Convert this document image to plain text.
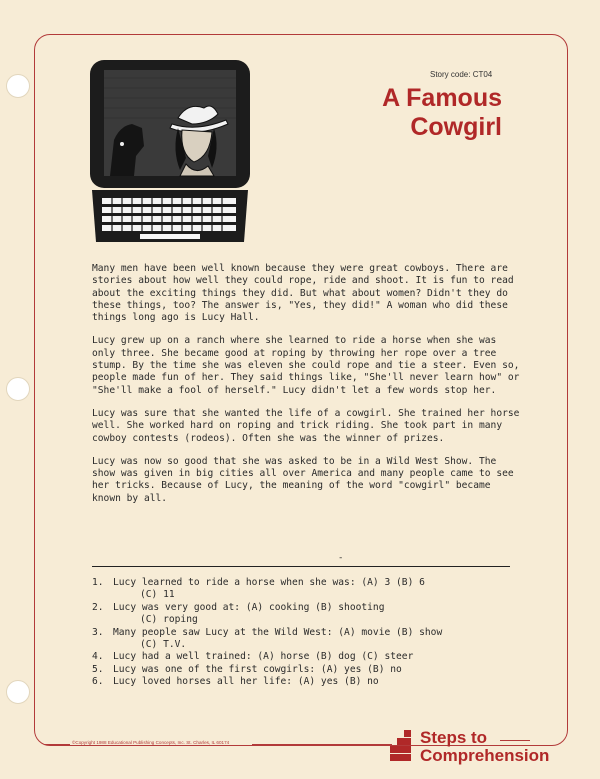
Story code: CT04
A Famous
Cowgirl

Many men have been well known because they were great cowboys. There are stories about how well they could rope, ride and shoot. It is fun to read about the exciting things they did. But what about women? Didn't they do these things, too? The answer is, "Yes, they did!" A woman who did these things long ago is Lucy Hall.

Lucy grew up on a ranch where she learned to ride a horse when she was only three. She became good at roping by throwing her rope over a tree stump. By the time she was eleven she could rope and tie a steer. Even so, people made fun of her. They said things like, "She'll never learn how" or "She'll make a fool of herself." Lucy didn't let a few words stop her.

Lucy was sure that she wanted the life of a cowgirl. She trained her horse well. She worked hard on roping and trick riding. She took part in many cowboy contests (rodeos). Often she was the winner of prizes.

Lucy was now so good that she was asked to be in a Wild West Show. The show was given in big cities all over America and many people came to see her tricks. Because of Lucy, the meaning of the word "cowgirl" became known by all.

-
1. Lucy learned to ride a horse when she was: (A) 3 (B) 6
(C) 11
2. Lucy was very good at: (A) cooking (B) shooting
(C) roping
3. Many people saw Lucy at the Wild West: (A) movie (B) show
(C) T.V.
4. Lucy had a well trained: (A) horse (B) dog (C) steer
5. Lucy was one of the first cowgirls: (A) yes (B) no
6. Lucy loved horses all her life: (A) yes (B) no
©Copyright 1988 Educational Publishing Concepts, Inc. St. Charles, IL 60174	Steps to
Comprehension
